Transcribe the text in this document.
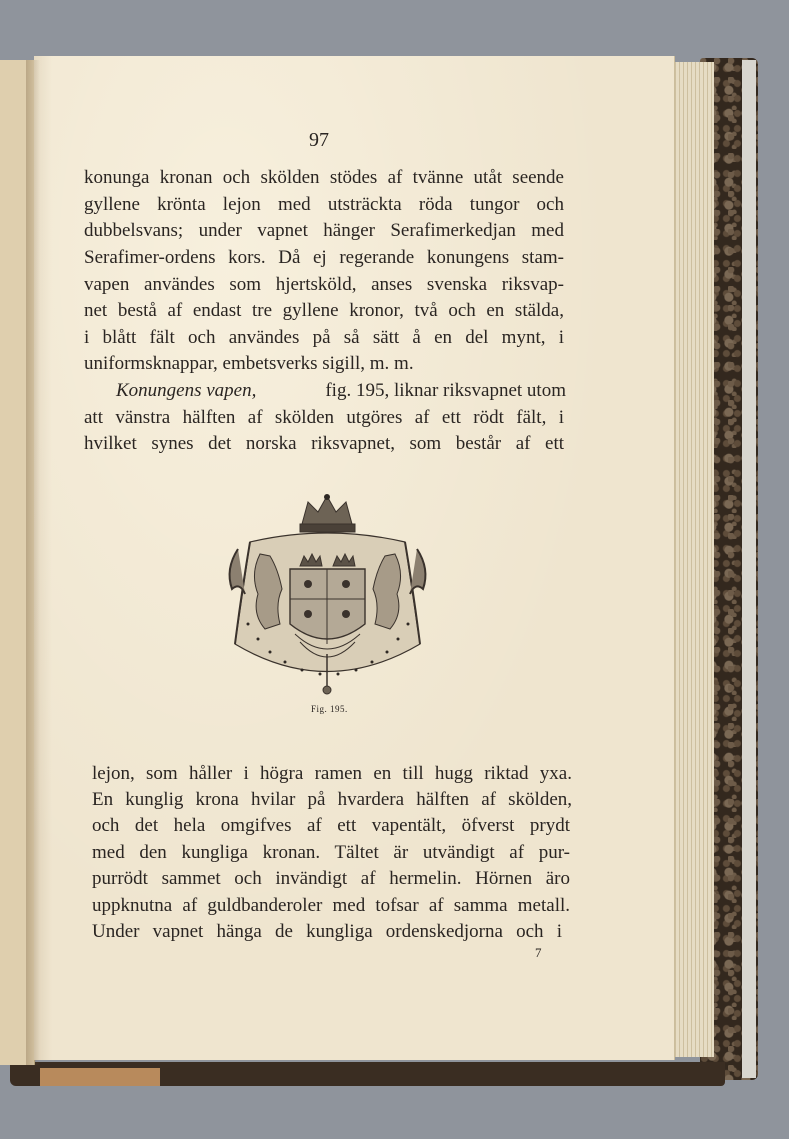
97
konunga kronan och skölden stödes af tvänne utåt seende
gyllene krönta lejon med utsträckta röda tungor och
dubbelsvans; under vapnet hänger Serafimerkedjan med
Serafimer-ordens kors. Då ej regerande konungens stam-
vapen användes som hjertsköld, anses svenska riksvap-
net bestå af endast tre gyllene kronor, två och en stälda,
i blått fält och användes på så sätt å en del mynt, i
uniformsknappar, embetsverks sigill, m. m.
Konungens vapen,	fig. 195, liknar riksvapnet utom
att vänstra hälften af skölden utgöres af ett rödt fält, i
hvilket synes det norska riksvapnet, som består af ett
Fig. 195.
lejon, som håller i högra ramen en till hugg riktad yxa.
En kunglig krona hvilar på hvardera hälften af skölden,
och det hela omgifves af ett vapentält, öfverst prydt
med den kungliga kronan. Tältet är utvändigt af pur-
purrödt sammet och invändigt af hermelin. Hörnen äro
uppknutna af guldbanderoler med tofsar af samma metall.
Under vapnet hänga de kungliga ordenskedjorna och i
7
